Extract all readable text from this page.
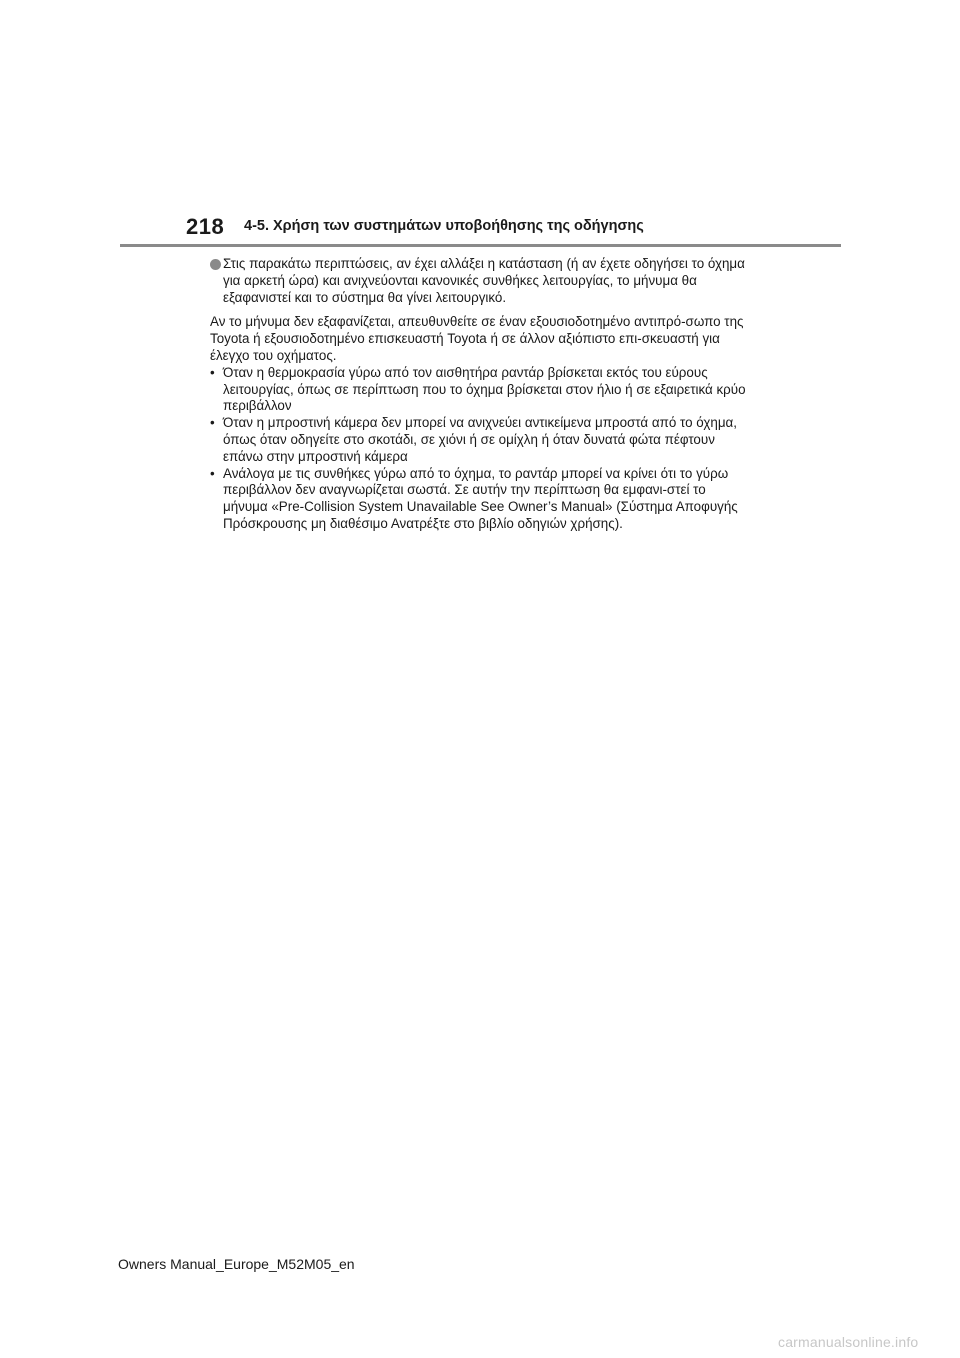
218 4-5. Χρήση των συστημάτων υποβοήθησης της οδήγησης
Στις παρακάτω περιπτώσεις, αν έχει αλλάξει η κατάσταση (ή αν έχετε οδηγήσει το όχημα για αρκετή ώρα) και ανιχνεύονται κανονικές συνθήκες λειτουργίας, το μήνυμα θα εξαφανιστεί και το σύστημα θα γίνει λειτουργικό.

Αν το μήνυμα δεν εξαφανίζεται, απευθυνθείτε σε έναν εξουσιοδοτημένο αντιπρό-σωπο της Toyota ή εξουσιοδοτημένο επισκευαστή Toyota ή σε άλλον αξιόπιστο επι-σκευαστή για έλεγχο του οχήματος.

• Όταν η θερμοκρασία γύρω από τον αισθητήρα ραντάρ βρίσκεται εκτός του εύρους λειτουργίας, όπως σε περίπτωση που το όχημα βρίσκεται στον ήλιο ή σε εξαιρετικά κρύο περιβάλλον
• Όταν η μπροστινή κάμερα δεν μπορεί να ανιχνεύει αντικείμενα μπροστά από το όχημα, όπως όταν οδηγείτε στο σκοτάδι, σε χιόνι ή σε ομίχλη ή όταν δυνατά φώτα πέφτουν επάνω στην μπροστινή κάμερα
• Ανάλογα με τις συνθήκες γύρω από το όχημα, το ραντάρ μπορεί να κρίνει ότι το γύρω περιβάλλον δεν αναγνωρίζεται σωστά. Σε αυτήν την περίπτωση θα εμφανι-στεί το μήνυμα «Pre-Collision System Unavailable See Owner’s Manual» (Σύστημα Αποφυγής Πρόσκρουσης μη διαθέσιμο Ανατρέξτε στο βιβλίο οδηγιών χρήσης).
Owners Manual_Europe_M52M05_en
carmanualsonline.info
